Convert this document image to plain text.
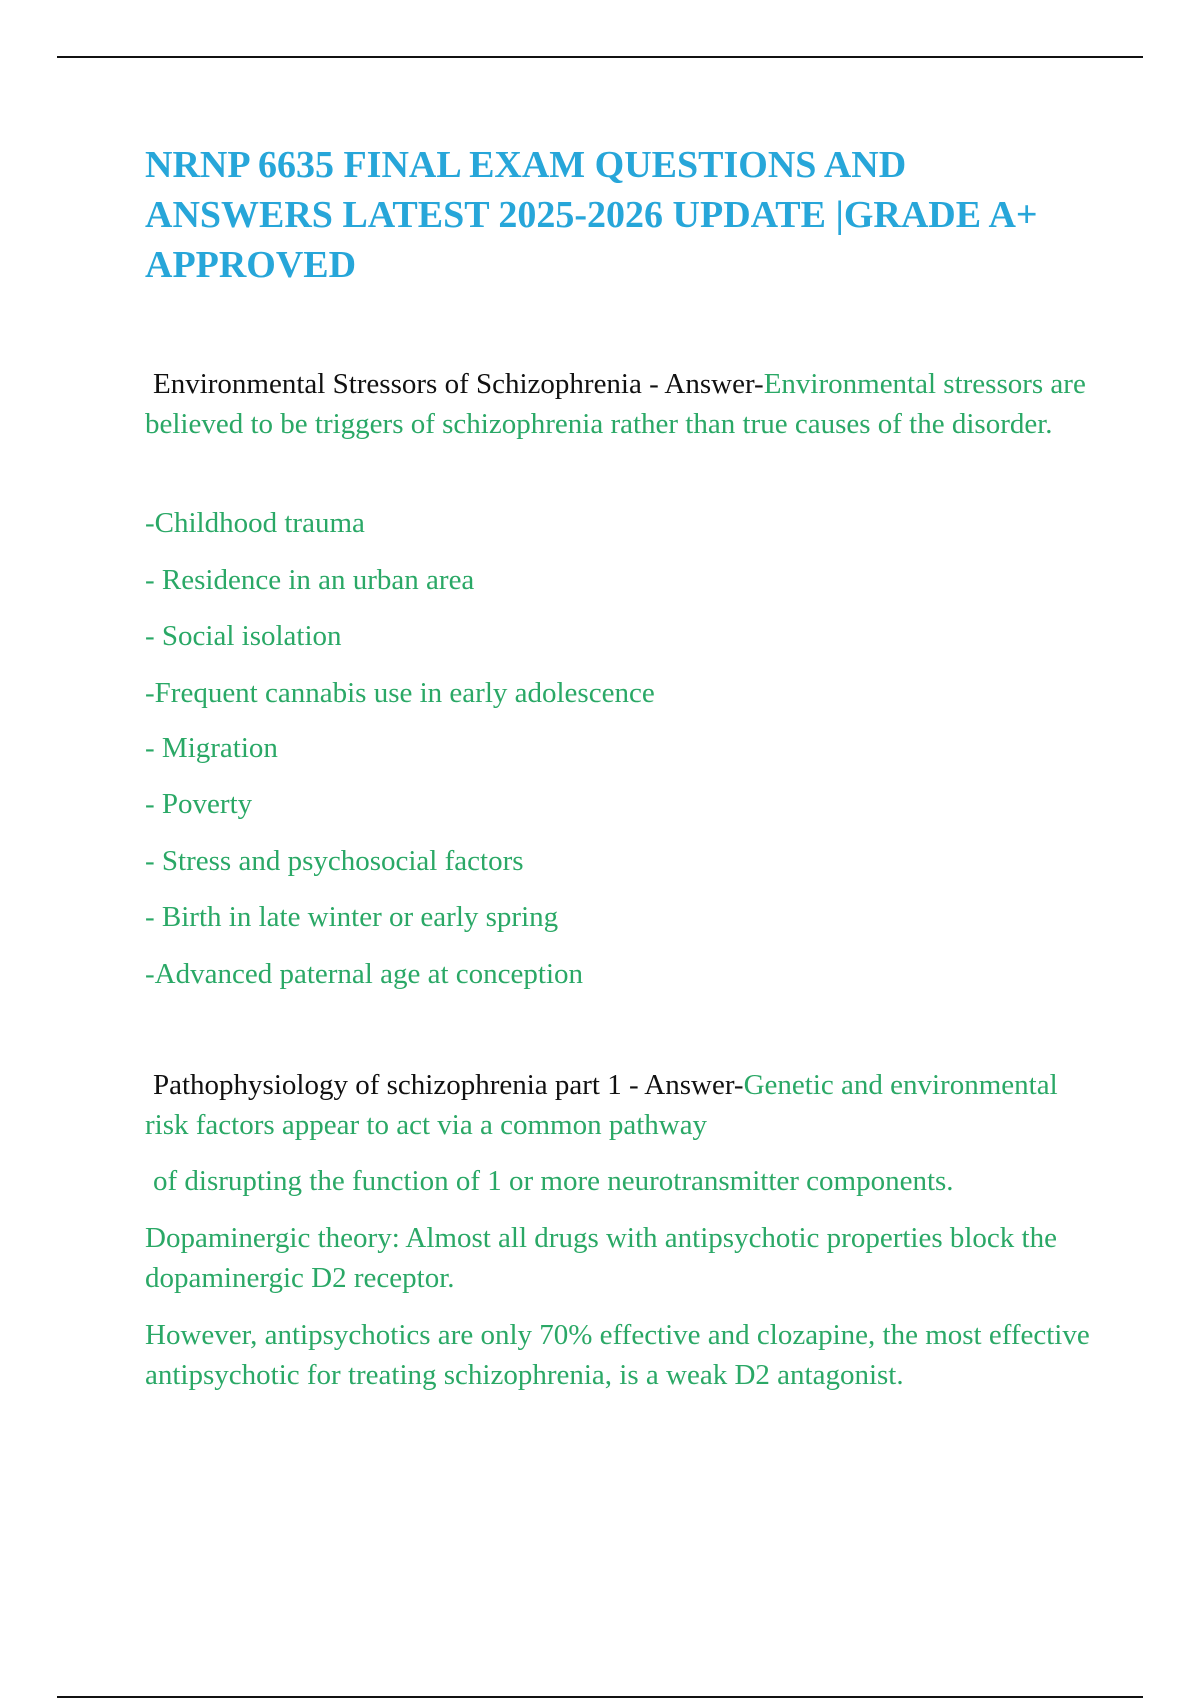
NRNP 6635 FINAL EXAM QUESTIONS AND ANSWERS LATEST 2025-2026 UPDATE |GRADE A+ APPROVED

Environmental Stressors of Schizophrenia - Answer-Environmental stressors are believed to be triggers of schizophrenia rather than true causes of the disorder.

-Childhood trauma

- Residence in an urban area

- Social isolation

-Frequent cannabis use in early adolescence

- Migration

- Poverty

- Stress and psychosocial factors

- Birth in late winter or early spring

-Advanced paternal age at conception

Pathophysiology of schizophrenia part 1 - Answer-Genetic and environmental risk factors appear to act via a common pathway

of disrupting the function of 1 or more neurotransmitter components.

Dopaminergic theory: Almost all drugs with antipsychotic properties block the dopaminergic D2 receptor.

However, antipsychotics are only 70% effective and clozapine, the most effective antipsychotic for treating schizophrenia, is a weak D2 antagonist.
